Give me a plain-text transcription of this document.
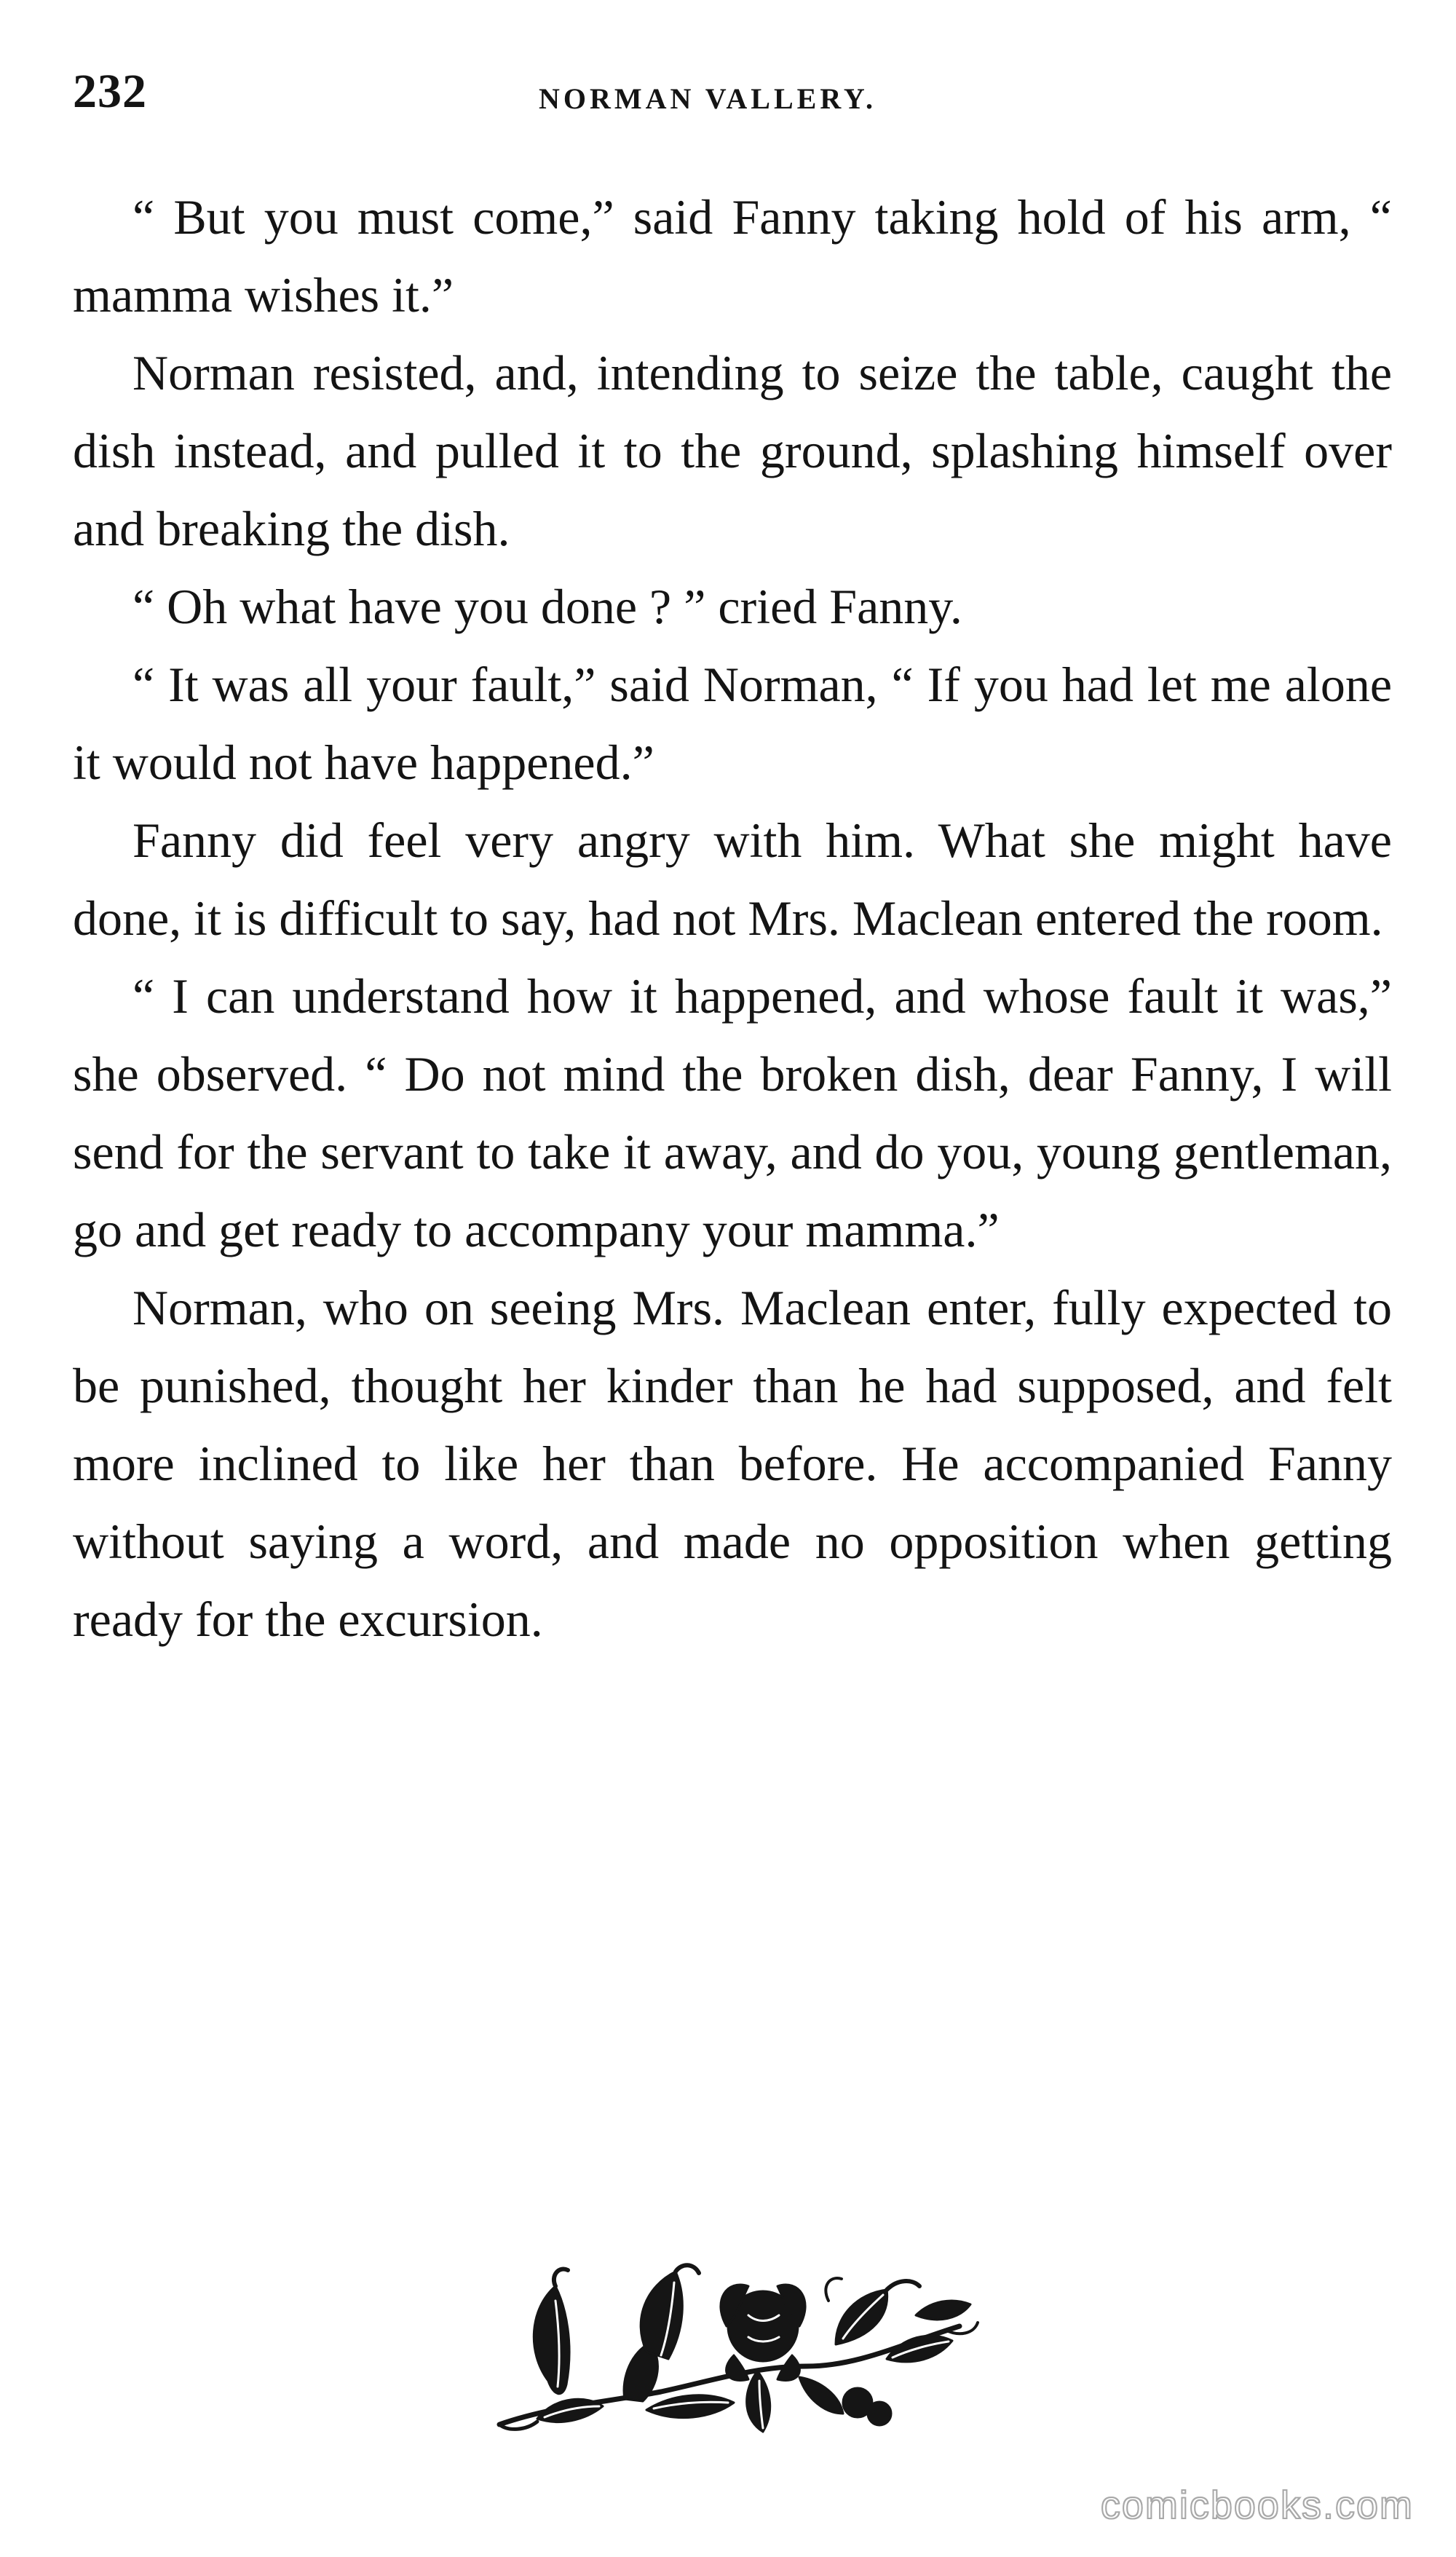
232	NORMAN VALLERY.

“ But you must come,” said Fanny taking hold of his arm, “ mamma wishes it.”

Norman resisted, and, intending to seize the table, caught the dish instead, and pulled it to the ground, splashing himself over and breaking the dish.

“ Oh what have you done ? ” cried Fanny.

“ It was all your fault,” said Norman, “ If you had let me alone it would not have happened.”

Fanny did feel very angry with him. What she might have done, it is difficult to say, had not Mrs. Maclean entered the room.

“ I can understand how it happened, and whose fault it was,” she observed. “ Do not mind the broken dish, dear Fanny, I will send for the servant to take it away, and do you, young gentleman, go and get ready to accompany your mamma.”

Norman, who on seeing Mrs. Maclean enter, fully expected to be punished, thought her kinder than he had supposed, and felt more inclined to like her than before. He accompanied Fanny without saying a word, and made no opposition when getting ready for the excursion.

comicbooks.com
